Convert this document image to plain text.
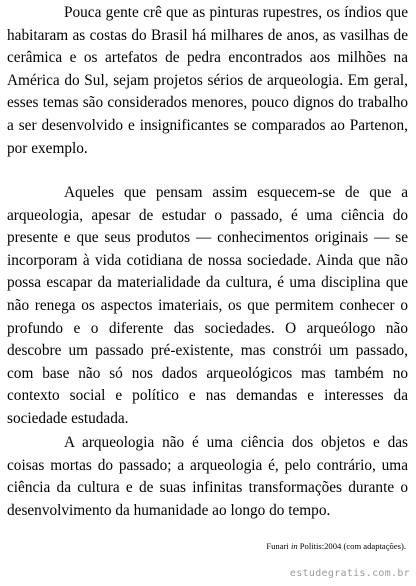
Pouca gente crê que as pinturas rupestres, os índios que habitaram as costas do Brasil há milhares de anos, as vasilhas de cerâmica e os artefatos de pedra encontrados aos milhões na América do Sul, sejam projetos sérios de arqueologia. Em geral, esses temas são considerados menores, pouco dignos do trabalho a ser desenvolvido e insignificantes se comparados ao Partenon, por exemplo.

Aqueles que pensam assim esquecem-se de que a arqueologia, apesar de estudar o passado, é uma ciência do presente e que seus produtos — conhecimentos originais — se incorporam à vida cotidiana de nossa sociedade. Ainda que não possa escapar da materialidade da cultura, é uma disciplina que não renega os aspectos imateriais, os que permitem conhecer o profundo e o diferente das sociedades. O arqueólogo não descobre um passado pré-existente, mas constrói um passado, com base não só nos dados arqueológicos mas também no contexto social e político e nas demandas e interesses da sociedade estudada.

A arqueologia não é uma ciência dos objetos e das coisas mortas do passado; a arqueologia é, pelo contrário, uma ciência da cultura e de suas infinitas transformações durante o desenvolvimento da humanidade ao longo do tempo.

Funari in Politis:2004 (com adaptações).
estudegratis.com.br
